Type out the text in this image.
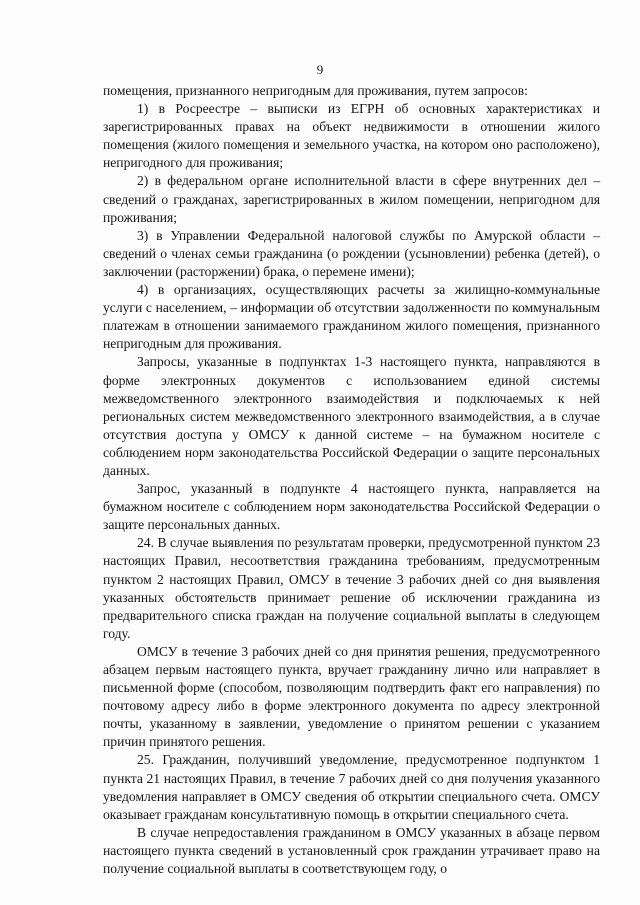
9

помещения, признанного непригодным для проживания, путем запросов:

1) в Росреестре – выписки из ЕГРН об основных характеристиках и зарегистрированных правах на объект недвижимости в отношении жилого помещения (жилого помещения и земельного участка, на котором оно расположено), непригодного для проживания;

2) в федеральном органе исполнительной власти в сфере внутренних дел – сведений о гражданах, зарегистрированных в жилом помещении, непригодном для проживания;

3) в Управлении Федеральной налоговой службы по Амурской области – сведений о членах семьи гражданина (о рождении (усыновлении) ребенка (детей), о заключении (расторжении) брака, о перемене имени);

4) в организациях, осуществляющих расчеты за жилищно-коммунальные услуги с населением, – информации об отсутствии задолженности по коммунальным платежам в отношении занимаемого гражданином жилого помещения, признанного непригодным для проживания.

Запросы, указанные в подпунктах 1-3 настоящего пункта, направляются в форме электронных документов с использованием единой системы межведомственного электронного взаимодействия и подключаемых к ней региональных систем межведомственного электронного взаимодействия, а в случае отсутствия доступа у ОМСУ к данной системе – на бумажном носителе с соблюдением норм законодательства Российской Федерации о защите персональных данных.

Запрос, указанный в подпункте 4 настоящего пункта, направляется на бумажном носителе с соблюдением норм законодательства Российской Федерации о защите персональных данных.

24. В случае выявления по результатам проверки, предусмотренной пунктом 23 настоящих Правил, несоответствия гражданина требованиям, предусмотренным пунктом 2 настоящих Правил, ОМСУ в течение 3 рабочих дней со дня выявления указанных обстоятельств принимает решение об исключении гражданина из предварительного списка граждан на получение социальной выплаты в следующем году.

ОМСУ в течение 3 рабочих дней со дня принятия решения, предусмотренного абзацем первым настоящего пункта, вручает гражданину лично или направляет в письменной форме (способом, позволяющим подтвердить факт его направления) по почтовому адресу либо в форме электронного документа по адресу электронной почты, указанному в заявлении, уведомление о принятом решении с указанием причин принятого решения.

25. Гражданин, получивший уведомление, предусмотренное подпунктом 1 пункта 21 настоящих Правил, в течение 7 рабочих дней со дня получения указанного уведомления направляет в ОМСУ сведения об открытии специального счета. ОМСУ оказывает гражданам консультативную помощь в открытии специального счета.

В случае непредоставления гражданином в ОМСУ указанных в абзаце первом настоящего пункта сведений в установленный срок гражданин утрачивает право на получение социальной выплаты в соответствующем году, о
